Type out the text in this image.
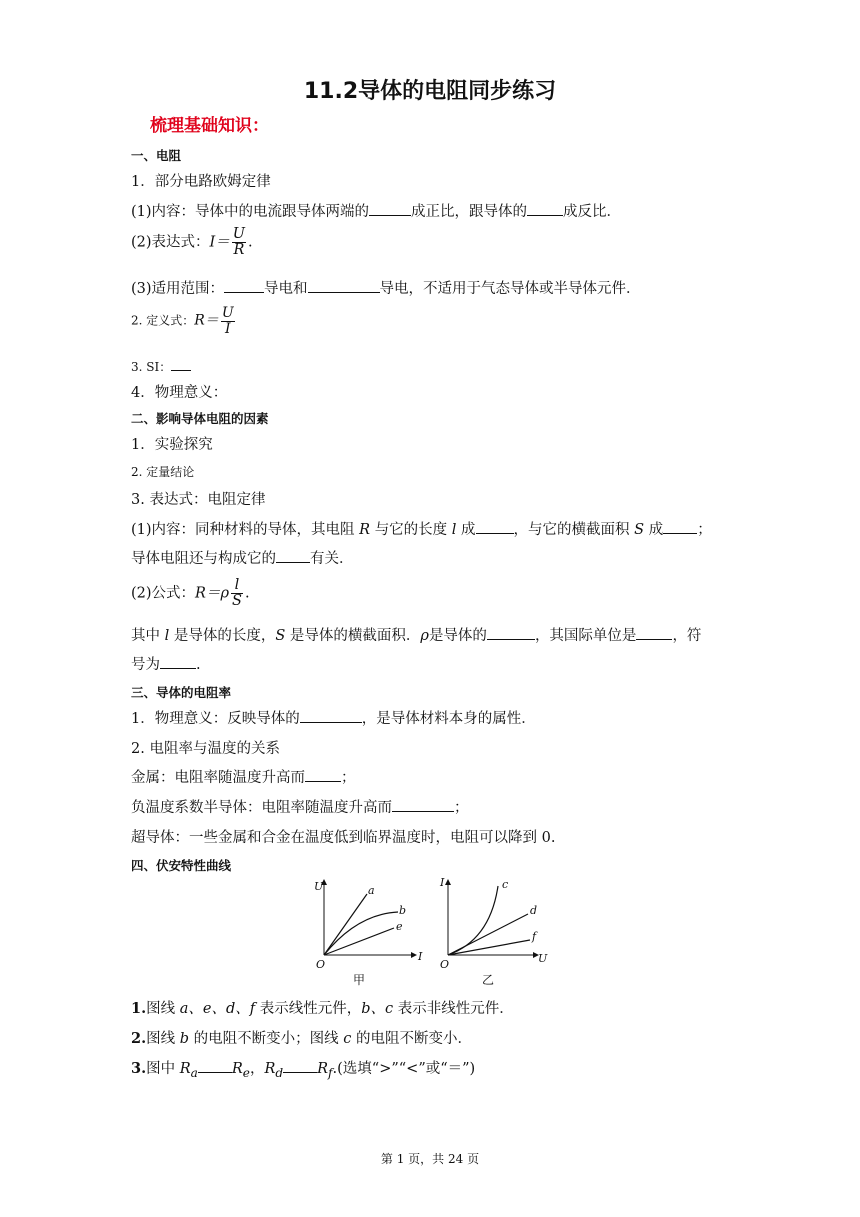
11.2导体的电阻同步练习
梳理基础知识：
一、电阻
1．部分电路欧姆定律
(1)内容：导体中的电流跟导体两端的	成正比，跟导体的 成反比．
(2)表达式：$I= \frac{U}{R}$ .
(3)适用范围：	导电和	导电，不适用于气态导体或半导体元件．
2. 定义式：$R= \frac{U}{I}$
3. SI：
4．物理意义：
二、影响导体电阻的因素
1．实验探究
2. 定量结论
3. 表达式：电阻定律
(1)内容：同种材料的导体，其电阻 R 与它的长度 l 成	，与它的横截面积 S 成 ；
导体电阻还与构成它的 有关．
(2)公式：$R=\rho \frac{l}{S}$ .
其中 l 是导体的长度，S 是导体的横截面积．ρ是导体的	，其国际单位是 ，符
号为 .
三、导体的电阻率
1．物理意义：反映导体的	，是导体材料本身的属性．
2. 电阻率与温度的关系
金属：电阻率随温度升高而 ；
负温度系数半导体：电阻率随温度升高而	；
超导体：一些金属和合金在温度低到临界温度时，电阻可以降到 0.
四、伏安特性曲线
U
I
O
a
b
e
甲
I
U
O
c
d
f
乙
1.图线 a、e、d、f 表示线性元件，b、c 表示非线性元件．
2.图线 b 的电阻不断变小；图线 c 的电阻不断变小．
3.图中 $R_a$ $R_e$，$R_d$ $R_f$.(选填“>”“<”或“＝”)
第 1 页，共 24 页
